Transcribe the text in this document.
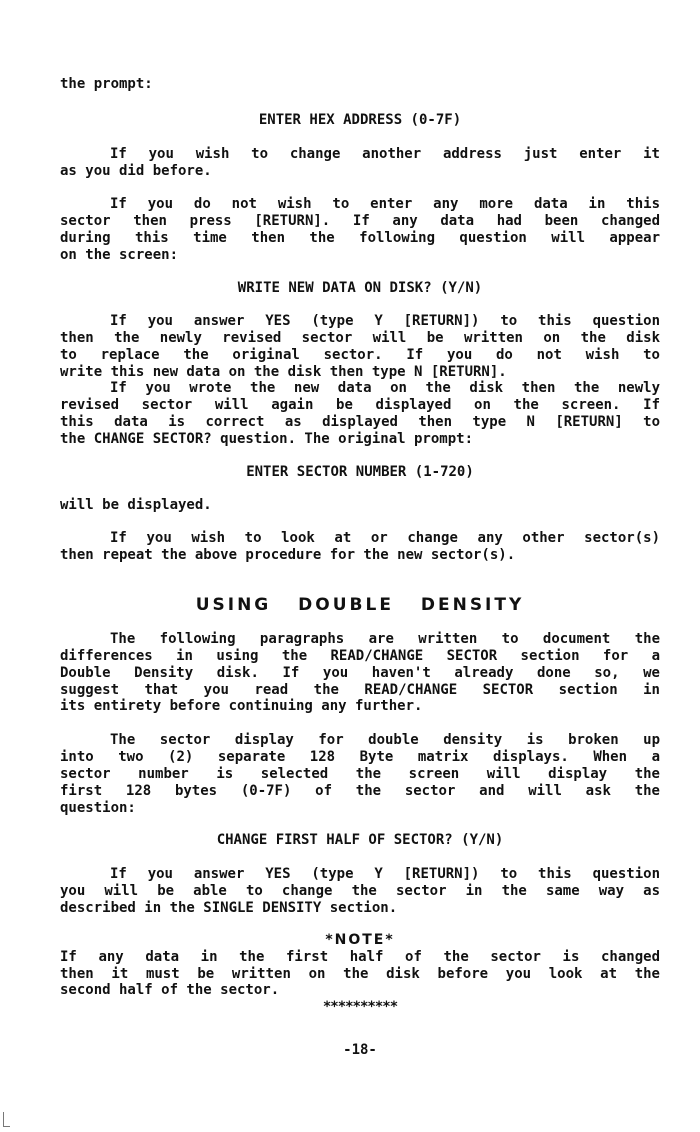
the prompt:
ENTER HEX ADDRESS (0-7F)
If you wish to change another address just enter it
as you did before.
If you do not wish to enter any more data in this
sector then press [RETURN]. If any data had been changed
during this time then the following question will appear
on the screen:
WRITE NEW DATA ON DISK? (Y/N)
If you answer YES (type Y [RETURN]) to this question
then the newly revised sector will be written on the disk
to replace the original sector. If you do not wish to
write this new data on the disk then type N [RETURN].
If you wrote the new data on the disk then the newly
revised sector will again be displayed on the screen. If
this data is correct as displayed then type N [RETURN] to
the CHANGE SECTOR? question. The original prompt:
ENTER SECTOR NUMBER (1-720)
will be displayed.
If you wish to look at or change any other sector(s)
then repeat the above procedure for the new sector(s).
USING DOUBLE DENSITY
The following paragraphs are written to document the
differences in using the READ/CHANGE SECTOR section for a
Double Density disk. If you haven't already done so, we
suggest that you read the READ/CHANGE SECTOR section in
its entirety before continuing any further.
The sector display for double density is broken up
into two (2) separate 128 Byte matrix displays. When a
sector number is selected the screen will display the
first 128 bytes (0-7F) of the sector and will ask the
question:
CHANGE FIRST HALF OF SECTOR? (Y/N)
If you answer YES (type Y [RETURN]) to this question
you will be able to change the sector in the same way as
described in the SINGLE DENSITY section.
*NOTE*
If any data in the first half of the sector is changed
then it must be written on the disk before you look at the
second half of the sector.
**********
-18-
